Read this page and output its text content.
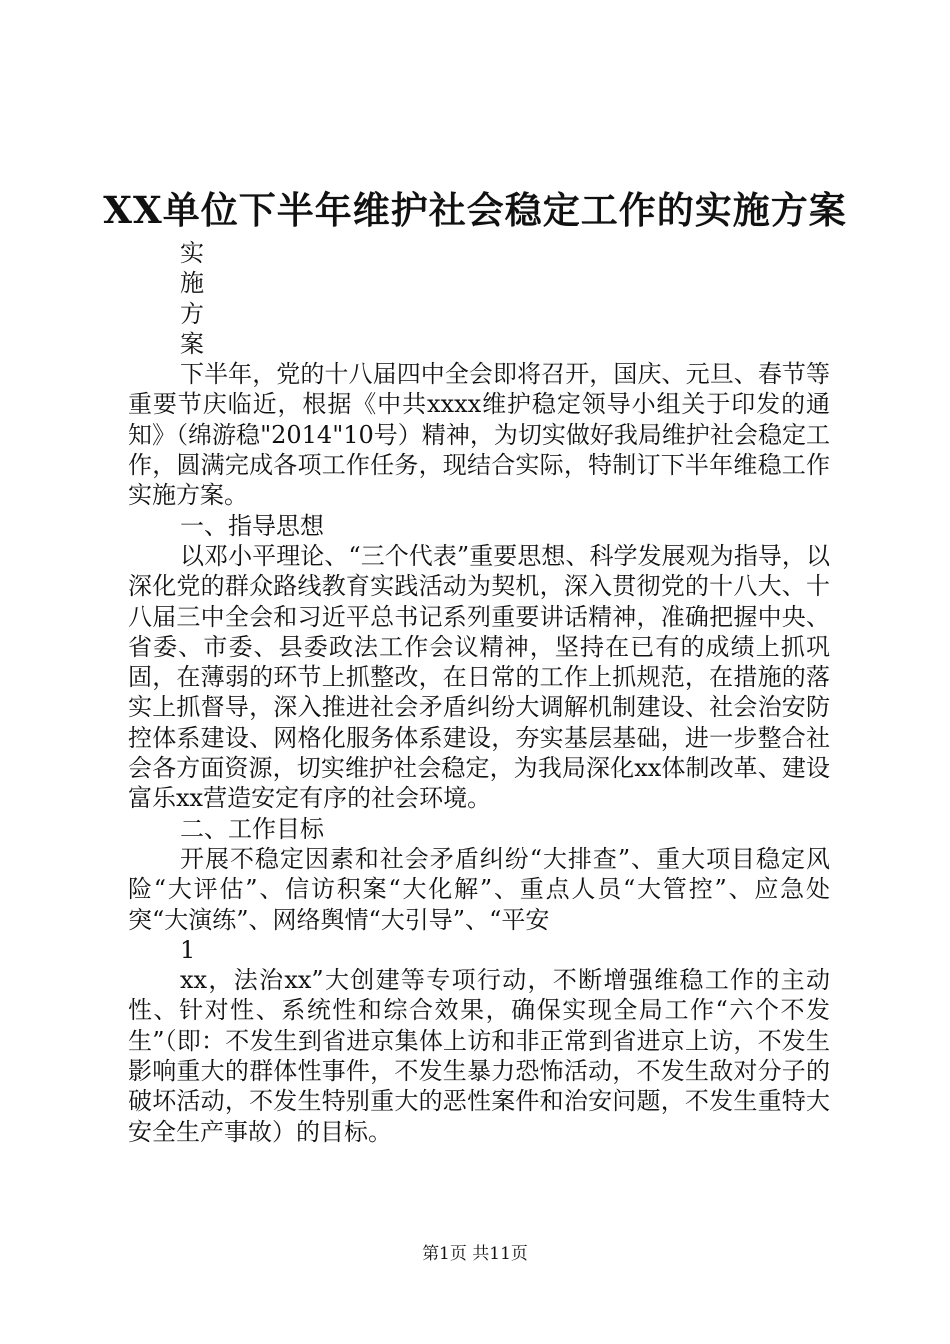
XX单位下半年维护社会稳定工作的实施方案
实
施
方
案

下半年，党的十八届四中全会即将召开，国庆、元旦、春节等重要节庆临近，根据《中共xxxx维护稳定领导小组关于印发的通知》（绵游稳"2014"10号）精神，为切实做好我局维护社会稳定工作，圆满完成各项工作任务，现结合实际，特制订下半年维稳工作实施方案。

一、指导思想

以邓小平理论、“三个代表”重要思想、科学发展观为指导，以深化党的群众路线教育实践活动为契机，深入贯彻党的十八大、十八届三中全会和习近平总书记系列重要讲话精神，准确把握中央、省委、市委、县委政法工作会议精神，坚持在已有的成绩上抓巩固，在薄弱的环节上抓整改，在日常的工作上抓规范，在措施的落实上抓督导，深入推进社会矛盾纠纷大调解机制建设、社会治安防控体系建设、网格化服务体系建设，夯实基层基础，进一步整合社会各方面资源，切实维护社会稳定，为我局深化xx体制改革、建设富乐xx营造安定有序的社会环境。

二、工作目标

开展不稳定因素和社会矛盾纠纷“大排查”、重大项目稳定风险“大评估”、信访积案“大化解”、重点人员“大管控”、应急处突“大演练”、网络舆情“大引导”、“平安

1

xx，法治xx”大创建等专项行动，不断增强维稳工作的主动性、针对性、系统性和综合效果，确保实现全局工作“六个不发生”（即：不发生到省进京集体上访和非正常到省进京上访，不发生影响重大的群体性事件，不发生暴力恐怖活动，不发生敌对分子的破坏活动，不发生特别重大的恶性案件和治安问题，不发生重特大安全生产事故）的目标。

第1页 共11页
